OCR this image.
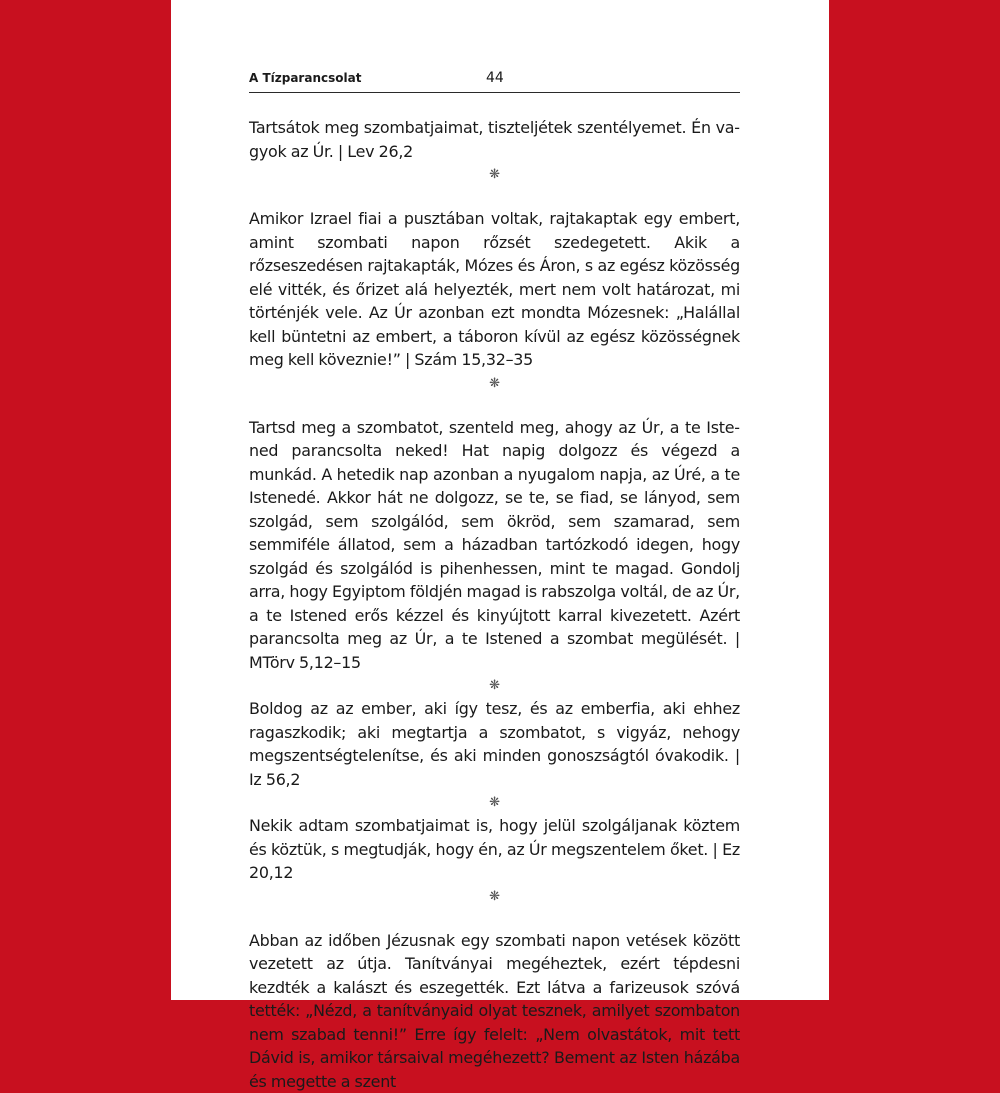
A Tízparancsolat	44

Tartsátok meg szombatjaimat, tiszteljétek szentélyemet. Én vagyok az Úr. | Lev 26,2

❋

Amikor Izrael fiai a pusztában voltak, rajtakaptak egy embert, amint szombati napon rőzsét szedegetett. Akik a rőzseszedésen rajtakapták, Mózes és Áron, s az egész közösség elé vitték, és őrizet alá helyezték, mert nem volt határozat, mi történjék vele. Az Úr azonban ezt mondta Mózesnek: „Halállal kell büntetni az embert, a táboron kívül az egész közösségnek meg kell köveznie!” | Szám 15,32–35

❋

Tartsd meg a szombatot, szenteld meg, ahogy az Úr, a te Istened parancsolta neked! Hat napig dolgozz és végezd a munkád. A hetedik nap azonban a nyugalom napja, az Úré, a te Istenedé. Akkor hát ne dolgozz, se te, se fiad, se lányod, sem szolgád, sem szolgálód, sem ökröd, sem szamarad, sem semmiféle állatod, sem a házadban tartózkodó idegen, hogy szolgád és szolgálód is pihenhessen, mint te magad. Gondolj arra, hogy Egyiptom földjén magad is rabszolga voltál, de az Úr, a te Istened erős kézzel és kinyújtott karral kivezetett. Azért parancsolta meg az Úr, a te Istened a szombat megülését. | MTörv 5,12–15

❋

Boldog az az ember, aki így tesz, és az emberfia, aki ehhez ragaszkodik; aki megtartja a szombatot, s vigyáz, nehogy megszentségtelenítse, és aki minden gonoszságtól óvakodik. | Iz 56,2

❋

Nekik adtam szombatjaimat is, hogy jelül szolgáljanak köztem és köztük, s megtudják, hogy én, az Úr megszentelem őket. | Ez 20,12

❋

Abban az időben Jézusnak egy szombati napon vetések között vezetett az útja. Tanítványai megéheztek, ezért tépdesni kezdték a kalászt és eszegették. Ezt látva a farizeusok szóvá tették: „Nézd, a tanítványaid olyat tesznek, amilyet szombaton nem szabad tenni!” Erre így felelt: „Nem olvastátok, mit tett Dávid is, amikor társaival megéhezett? Bement az Isten házába és megette a szent
